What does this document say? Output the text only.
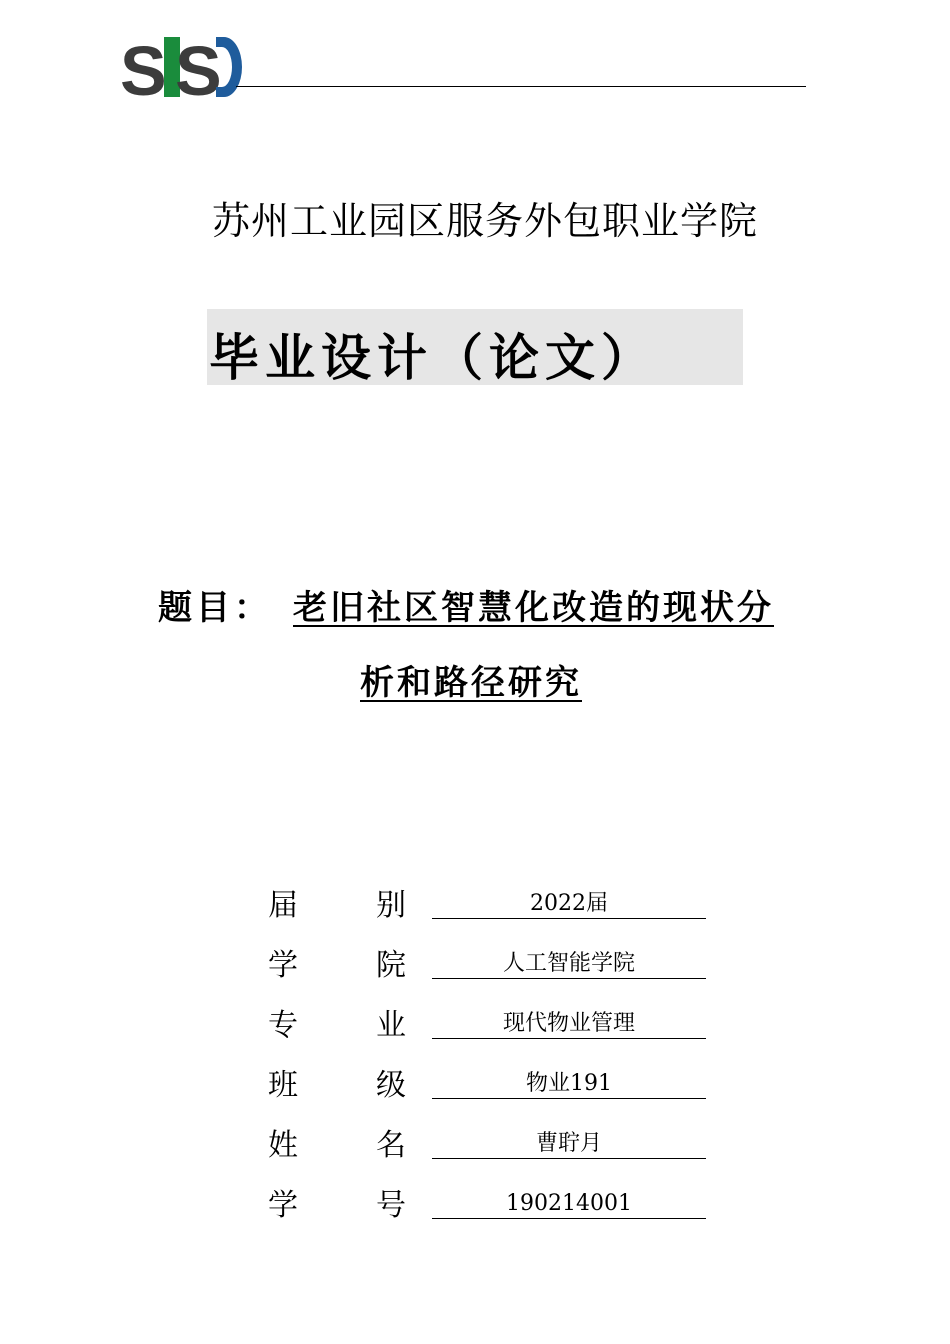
S S
苏州工业园区服务外包职业学院
毕业设计（论文）
题目： 老旧社区智慧化改造的现状分
析和路径研究
届	别	2022届
学	院	人工智能学院
专	业	现代物业管理
班	级	物业191
姓	名	曹聍月
学	号	190214001
